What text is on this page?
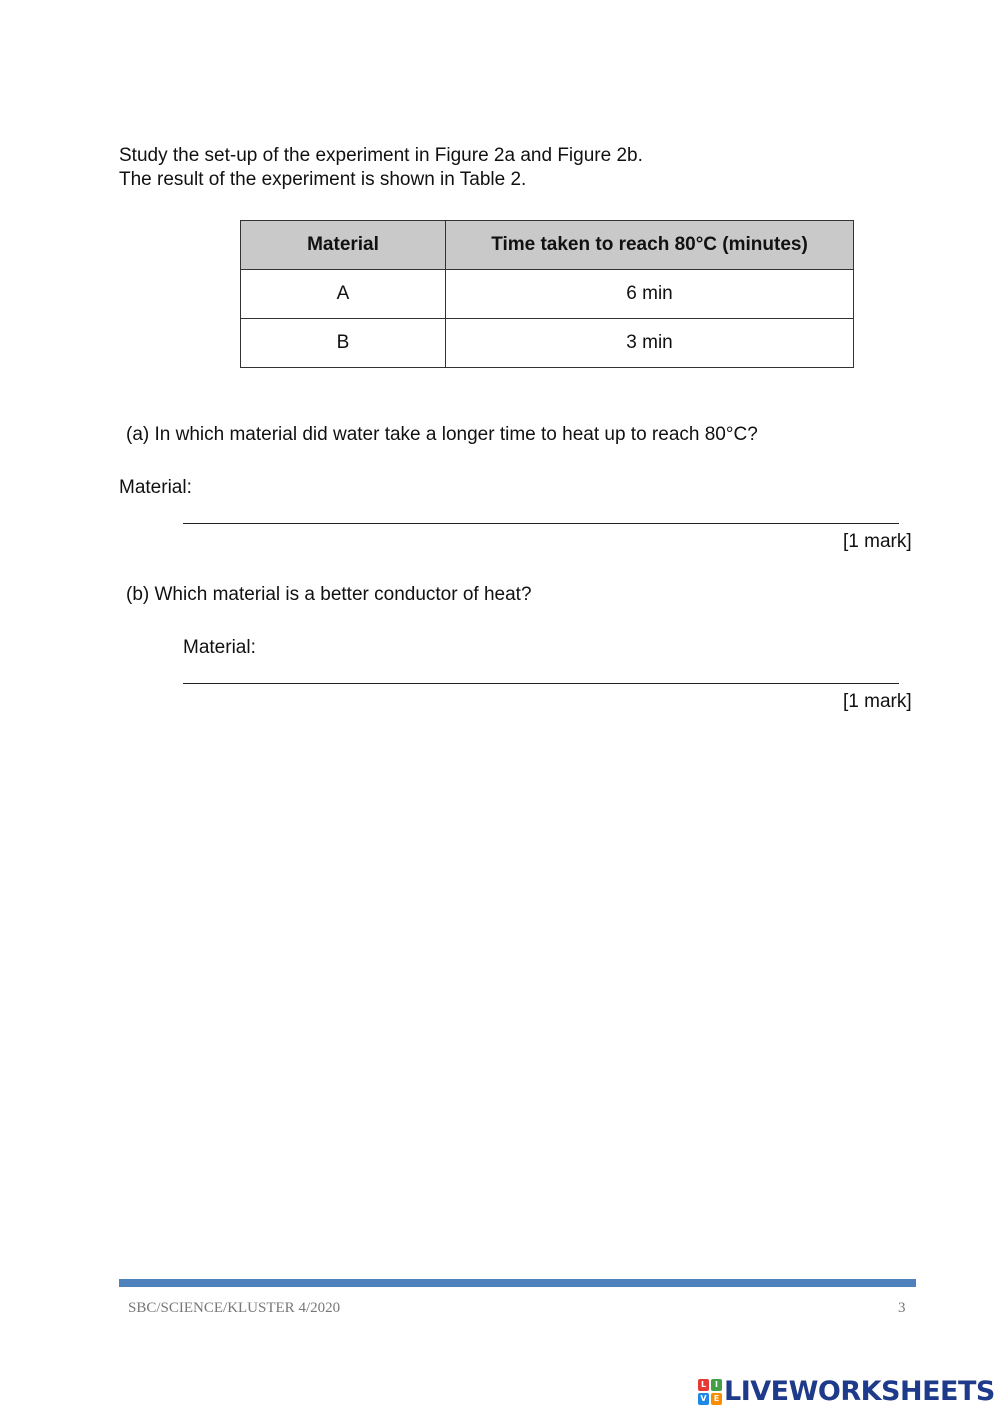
Study the set-up of the experiment in Figure 2a and Figure 2b.
The result of the experiment is shown in Table 2.
Material	Time taken to reach 80°C (minutes)
A	6 min
B	3 min
(a) In which material did water take a longer time to heat up to reach 80°C?
Material:
[1 mark]
(b) Which material is a better conductor of heat?
Material:
[1 mark]
SBC/SCIENCE/KLUSTER 4/2020	3
L	I
V E LIVEWORKSHEETS
